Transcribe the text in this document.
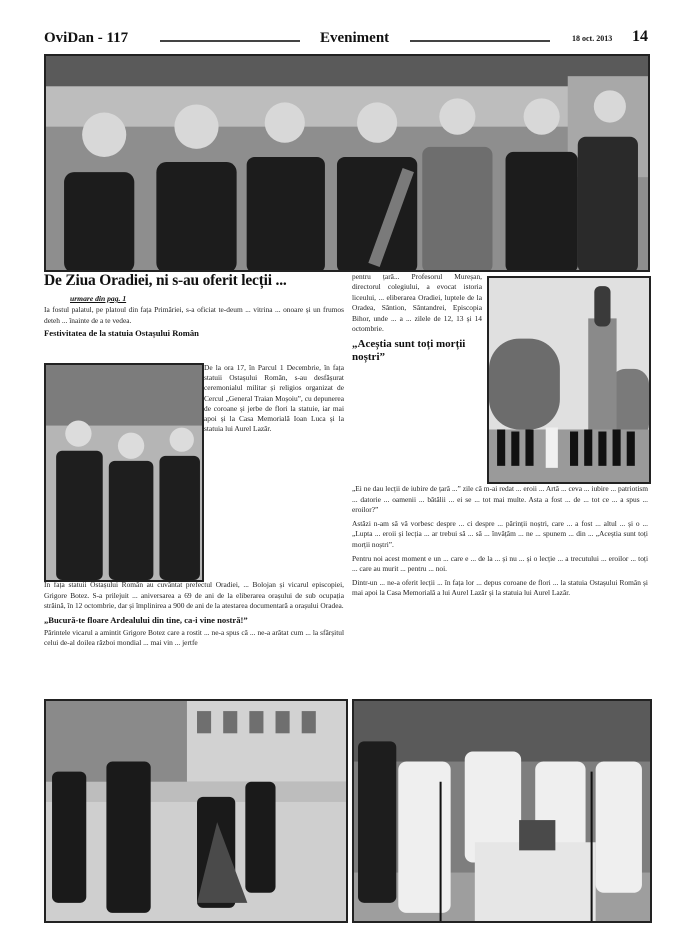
OviDan - 117	Eveniment	18 oct. 2013 14
De Ziua Oradiei, ni s-au oferit lecții ...
urmare din pag. 1

Ia fostul palatul, pe platoul din fața Primăriei, s-a oficiat te-deum ... vitrina ... onoare și un frumos deteh ... înainte de a te vedea.

Festivitatea de la statuia Ostașului Român

De la ora 17, în Parcul 1 Decembrie, în fața statuii Ostașului Român, s-au desfășurat ceremonialul militar și religios organizat de Cercul „General Traian Moșoiu”, cu depunerea de coroane și jerbe de flori la statuie, iar mai apoi și la Casa Memorială Ioan Luca și la statuia lui Aurel Lazăr.

În fața statuii Ostașului Român au cuvântat prefectul Oradiei, ... Bolojan și vicarul episcopiei, Grigore Botez. S-a prilejuit ... aniversarea a 69 de ani de la eliberarea orașului de sub ocupația străină, în 12 octombrie, dar și împlinirea a 900 de ani de la atestarea documentară a orașului Oradea.

„Bucură-te floare Ardealului din tine, ca-i vine nostră!”

Părintele vicarul a amintit Grigore Botez care a rostit ... ne-a spus că ... ne-a arătat cum ... la sfârșitul celui de-al doilea război mondial ... mai vin ... jertfe

pentru țară... Profesorul Mureșan, directorul colegiului, a evocat istoria liceului, ... eliberarea Oradiei, luptele de la Oradea, Sântion, Sântandrei, Episcopia Bihor, unde ... a ... zilele de 12, 13 și 14 octombrie.

„Aceștia sunt toți morții noștri”

„Ei ne dau lecții de iubire de țară ...” zile că m-ai redat ... eroii ... Artă ... ceva ... iubire ... patriotism ... datorie ... oamenii ... bătălii ... ei se ... tot mai multe. Asta a fost ... de ... tot ce ... a spus ... eroilor?”

Astăzi n-am să vă vorbesc despre ... ci despre ... părinții noștri, care ... a fost ... altul ... și o ... „Lupta ... eroii și lecția ... ar trebui să ... să ... învățăm ... ne ... spunem ... din ... „Aceștia sunt toți morții noștri”.

Pentru noi acest moment e un ... care e ... de la ... și nu ... și o lecție ... a trecutului ... eroilor ... toți ... care au murit ... pentru ... noi.

Dintr-un ... ne-a oferit lecții ... în fața lor ... depus coroane de flori ... la statuia Ostașului Român și mai apoi la Casa Memorială a lui Aurel Lazăr și la statuia lui Aurel Lazăr.
